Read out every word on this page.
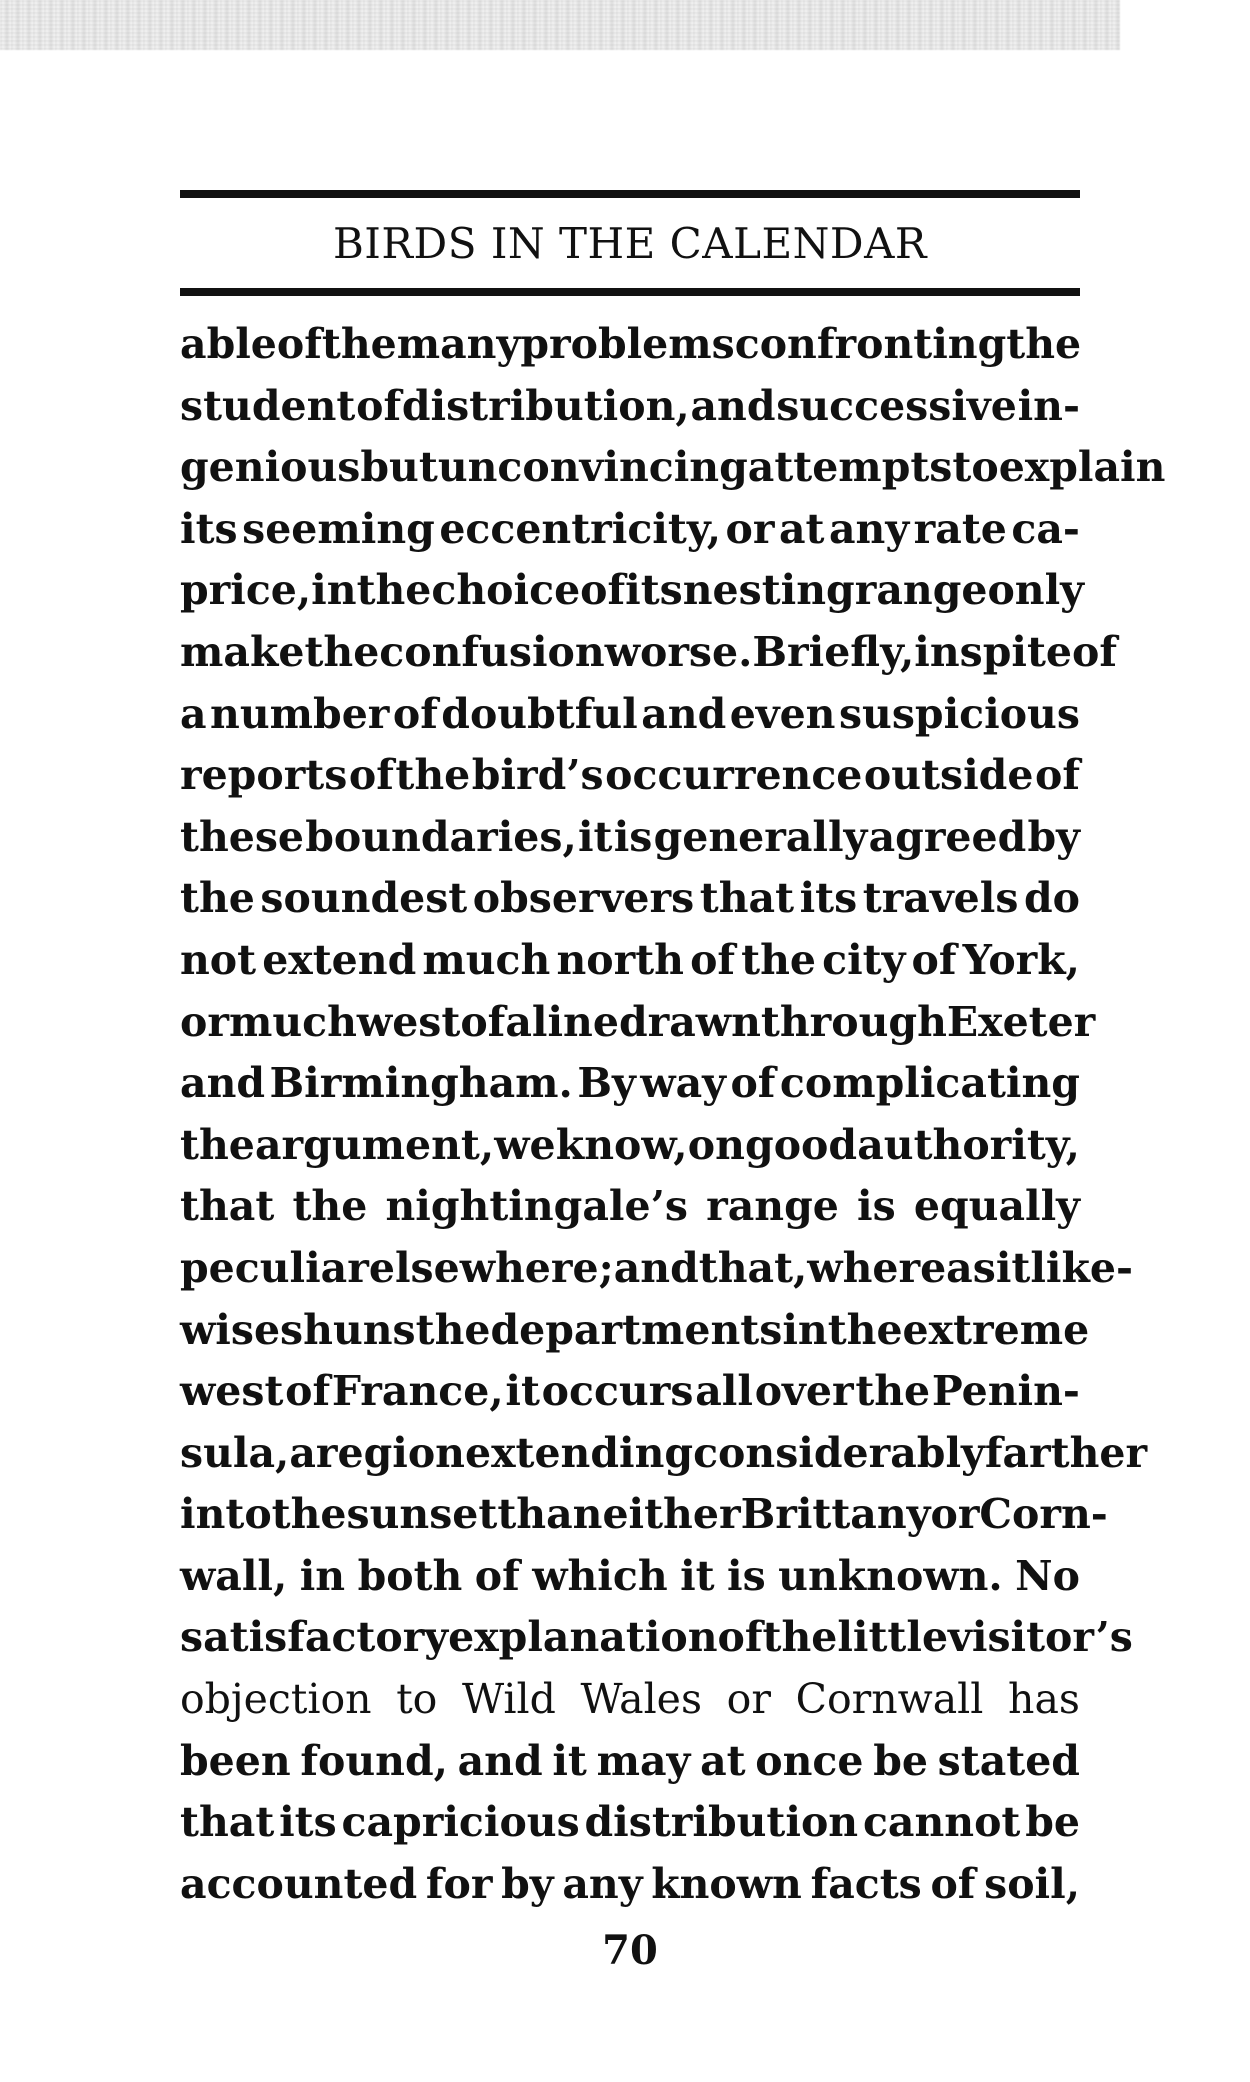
BIRDS IN THE CALENDAR
able of the many problems confronting the
student of distribution, and successive in-
genious but unconvincing attempts to explain
its seeming eccentricity, or at any rate ca-
price, in the choice of its nesting range only
make the confusion worse. Briefly, in spite of
a number of doubtful and even suspicious
reports of the bird’s occurrence outside of
these boundaries, it is generally agreed by
the soundest observers that its travels do
not extend much north of the city of York,
or much west of a line drawn through Exeter
and Birmingham. By way of complicating
the argument, we know, on good authority,
that the nightingale’s range is equally
peculiar elsewhere ; and that, whereas it like-
wise shuns the departments in the extreme
west of France, it occurs all over the Penin-
sula, a region extending considerably farther
into the sunset than either Brittany or Corn-
wall, in both of which it is unknown. No
satisfactory explanation of the little visitor’s
objection to Wild Wales or Cornwall has
been found, and it may at once be stated
that its capricious distribution cannot be
accounted for by any known facts of soil,
70
